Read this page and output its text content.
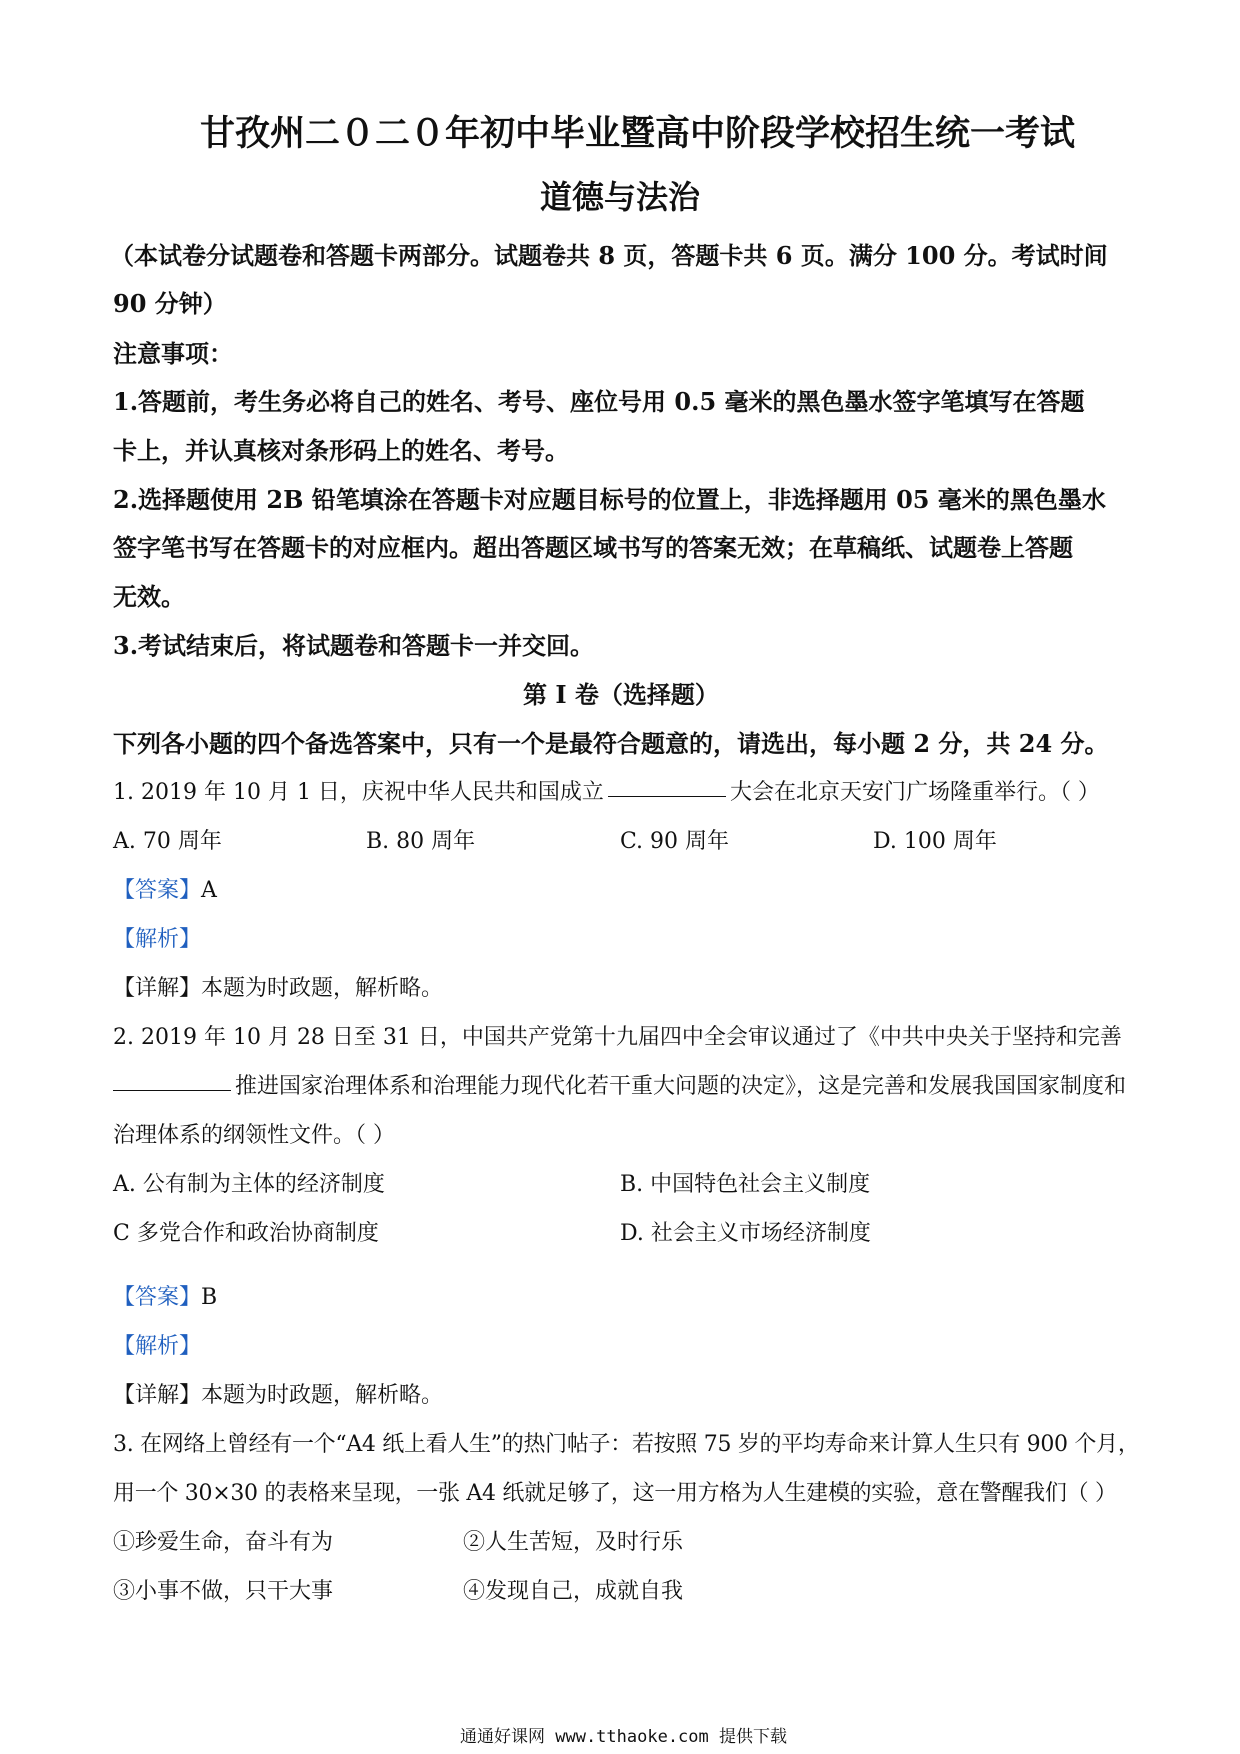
甘孜州二０二０年初中毕业暨高中阶段学校招生统一考试
道德与法治
（本试卷分试题卷和答题卡两部分。试题卷共 8 页，答题卡共 6 页。满分 100 分。考试时间
90 分钟）
注意事项：
1.答题前，考生务必将自己的姓名、考号、座位号用 0.5 毫米的黑色墨水签字笔填写在答题
卡上，并认真核对条形码上的姓名、考号。
2.选择题使用 2B 铅笔填涂在答题卡对应题目标号的位置上，非选择题用 05 毫米的黑色墨水
签字笔书写在答题卡的对应框内。超出答题区域书写的答案无效；在草稿纸、试题卷上答题
无效。
3.考试结束后，将试题卷和答题卡一并交回。
第 I 卷（选择题）
下列各小题的四个备选答案中，只有一个是最符合题意的，请选出，每小题 2 分，共 24 分。
1. 2019 年 10 月 1 日，庆祝中华人民共和国成立	大会在北京天安门广场隆重举行。（ ）
A. 70 周年	B. 80 周年	C. 90 周年	D. 100 周年
【答案】A
【解析】
【详解】本题为时政题，解析略。
2. 2019 年 10 月 28 日至 31 日，中国共产党第十九届四中全会审议通过了《中共中央关于坚持和完善
推进国家治理体系和治理能力现代化若干重大问题的决定》，这是完善和发展我国国家制度和
治理体系的纲领性文件。（ ）
A. 公有制为主体的经济制度	B. 中国特色社会主义制度
C 多党合作和政治协商制度	D. 社会主义市场经济制度
【答案】B
【解析】
【详解】本题为时政题，解析略。
3. 在网络上曾经有一个“A4 纸上看人生”的热门帖子：若按照 75 岁的平均寿命来计算人生只有 900 个月，
用一个 30×30 的表格来呈现，一张 A4 纸就足够了，这一用方格为人生建模的实验，意在警醒我们（ ）
①珍爱生命，奋斗有为	②人生苦短，及时行乐
③小事不做，只干大事	④发现自己，成就自我
通通好课网 www.tthaoke.com 提供下载
